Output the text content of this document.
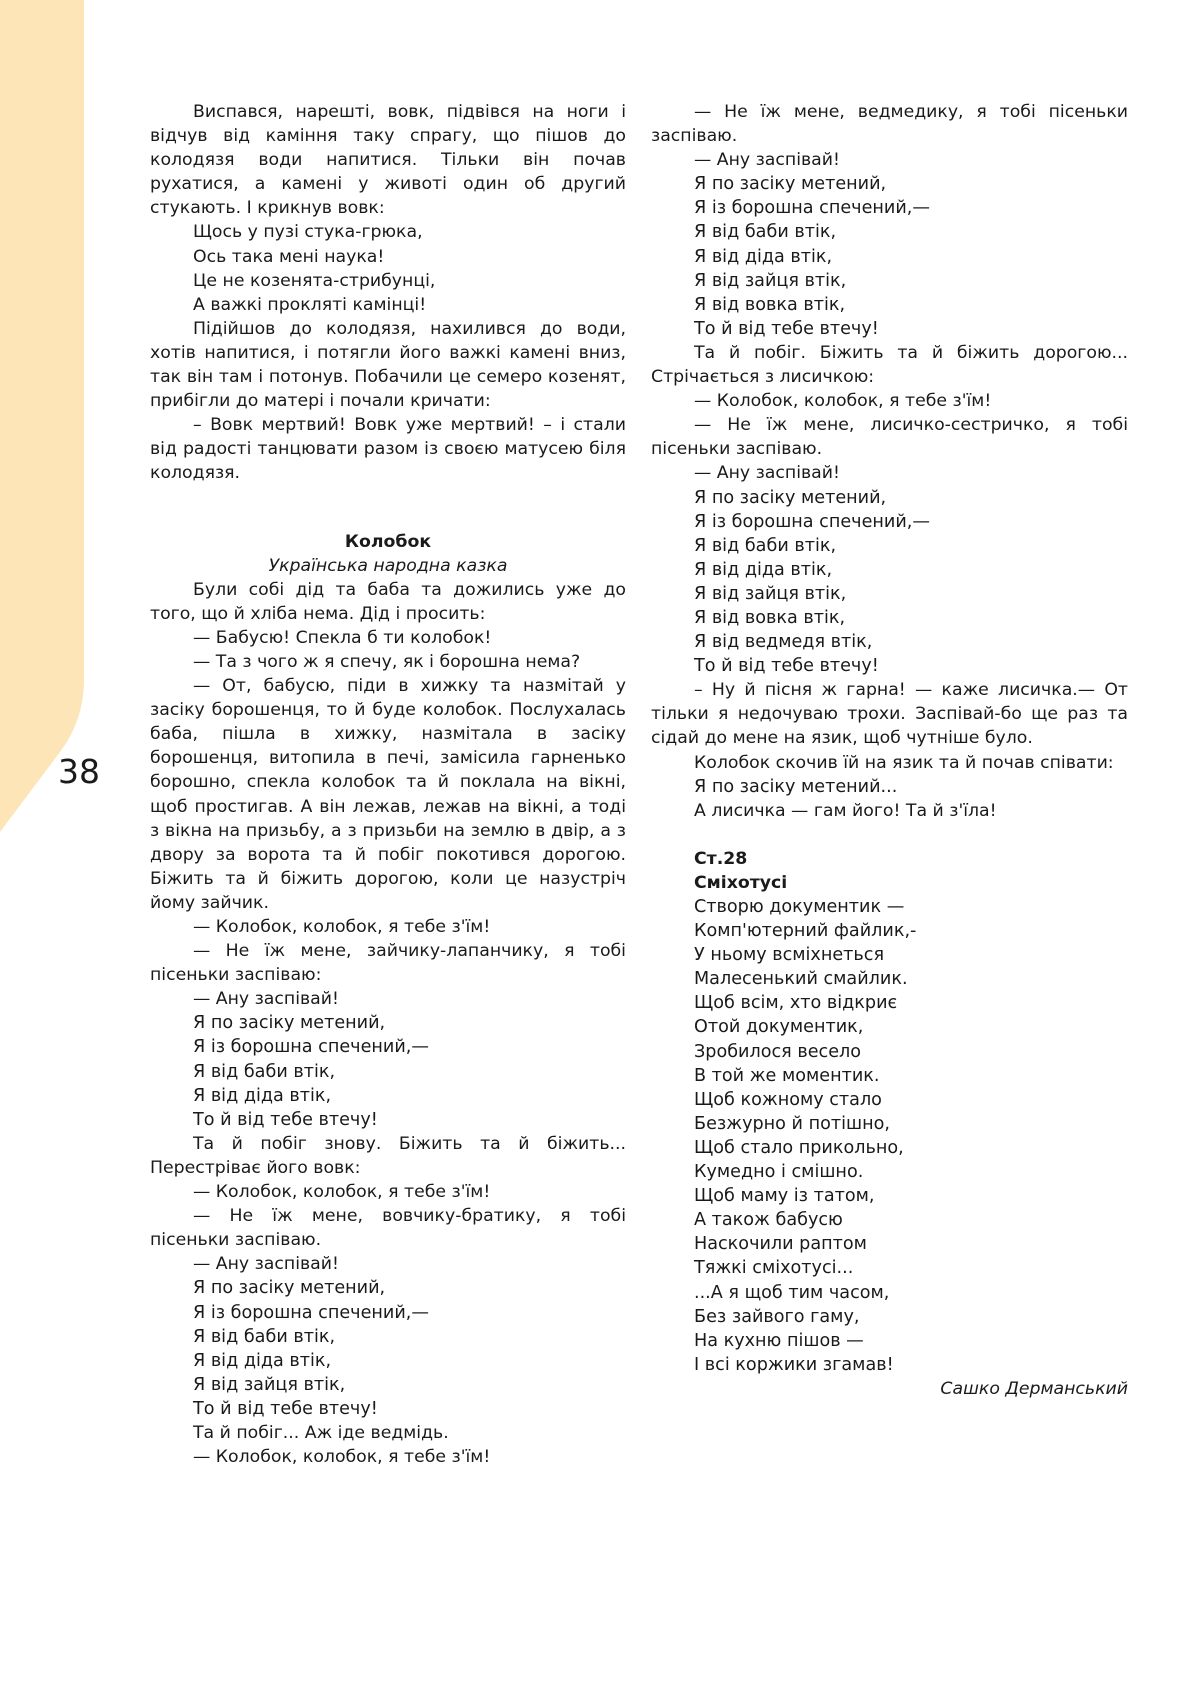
38

Виспався, нарешті, вовк, підвівся на ноги і відчув від каміння таку спрагу, що пішов до колодязя води напитися. Тільки він почав рухатися, а камені у животі один об другий стукають. І крикнув вовк:

Щось у пузі стука-грюка,

Ось така мені наука!

Це не козенята-стрибунці,

А важкі прокляті камінці!

Підійшов до колодязя, нахилився до води, хотів напитися, і потягли його важкі камені вниз, так він там і потонув. Побачили це семеро козенят, прибігли до матері і почали кричати:

– Вовк мертвий! Вовк уже мертвий! – і стали від радості танцювати разом із своєю матусею біля колодязя.

Колобок

Українська народна казка

Були собі дід та баба та дожились уже до того, що й хліба нема. Дід і просить:

— Бабусю! Спекла б ти колобок!

— Та з чого ж я спечу, як і борошна нема?

— От, бабусю, піди в хижку та назмітай у засіку борошенця, то й буде колобок. Послухалась баба, пішла в хижку, назмітала в засіку борошенця, витопила в печі, замісила гарненько борошно, спекла колобок та й поклала на вікні, щоб простигав. А він лежав, лежав на вікні, а тоді з вікна на призьбу, а з призьби на землю в двір, а з двору за ворота та й побіг покотився дорогою. Біжить та й біжить дорогою, коли це назустріч йому зайчик.

— Колобок, колобок, я тебе з'їм!

— Не їж мене, зайчику-лапанчику, я тобі пісеньки заспіваю:

— Ану заспівай!

Я по засіку метений,

Я із борошна спечений,—

Я від баби втік,

Я від діда втік,

То й від тебе втечу!

Та й побіг знову. Біжить та й біжить... Перестріває його вовк:

— Колобок, колобок, я тебе з'їм!

— Не їж мене, вовчику-братику, я тобі пісеньки заспіваю.

— Ану заспівай!

Я по засіку метений,

Я із борошна спечений,—

Я від баби втік,

Я від діда втік,

Я від зайця втік,

То й від тебе втечу!

Та й побіг... Аж іде ведмідь.

— Колобок, колобок, я тебе з'їм!

— Не їж мене, ведмедику, я тобі пісеньки заспіваю.

— Ану заспівай!

Я по засіку метений,

Я із борошна спечений,—

Я від баби втік,

Я від діда втік,

Я від зайця втік,

Я від вовка втік,

То й від тебе втечу!

Та й побіг. Біжить та й біжить дорогою... Стрічається з лисичкою:

— Колобок, колобок, я тебе з'їм!

— Не їж мене, лисичко-сестричко, я тобі пісеньки заспіваю.

— Ану заспівай!

Я по засіку метений,

Я із борошна спечений,—

Я від баби втік,

Я від діда втік,

Я від зайця втік,

Я від вовка втік,

Я від ведмедя втік,

То й від тебе втечу!

– Ну й пісня ж гарна! — каже лисичка.— От тільки я недочуваю трохи. Заспівай-бо ще раз та сідай до мене на язик, щоб чутніше було.

Колобок скочив їй на язик та й почав співати:

Я по засіку метений...

А лисичка — гам його! Та й з'їла!

Ст.28

Сміхотусі

Створю документик —

Комп'ютерний файлик,-

У ньому всміхнеться

Малесенький смайлик.

Щоб всім, хто відкриє

Отой документик,

Зробилося весело

В той же моментик.

Щоб кожному стало

Безжурно й потішно,

Щоб стало прикольно,

Кумедно і смішно.

Щоб маму із татом,

А також бабусю

Наскочили раптом

Тяжкі сміхотусі...

...А я щоб тим часом,

Без зайвого гаму,

На кухню пішов —

І всі коржики згамав!

Сашко Дерманський
